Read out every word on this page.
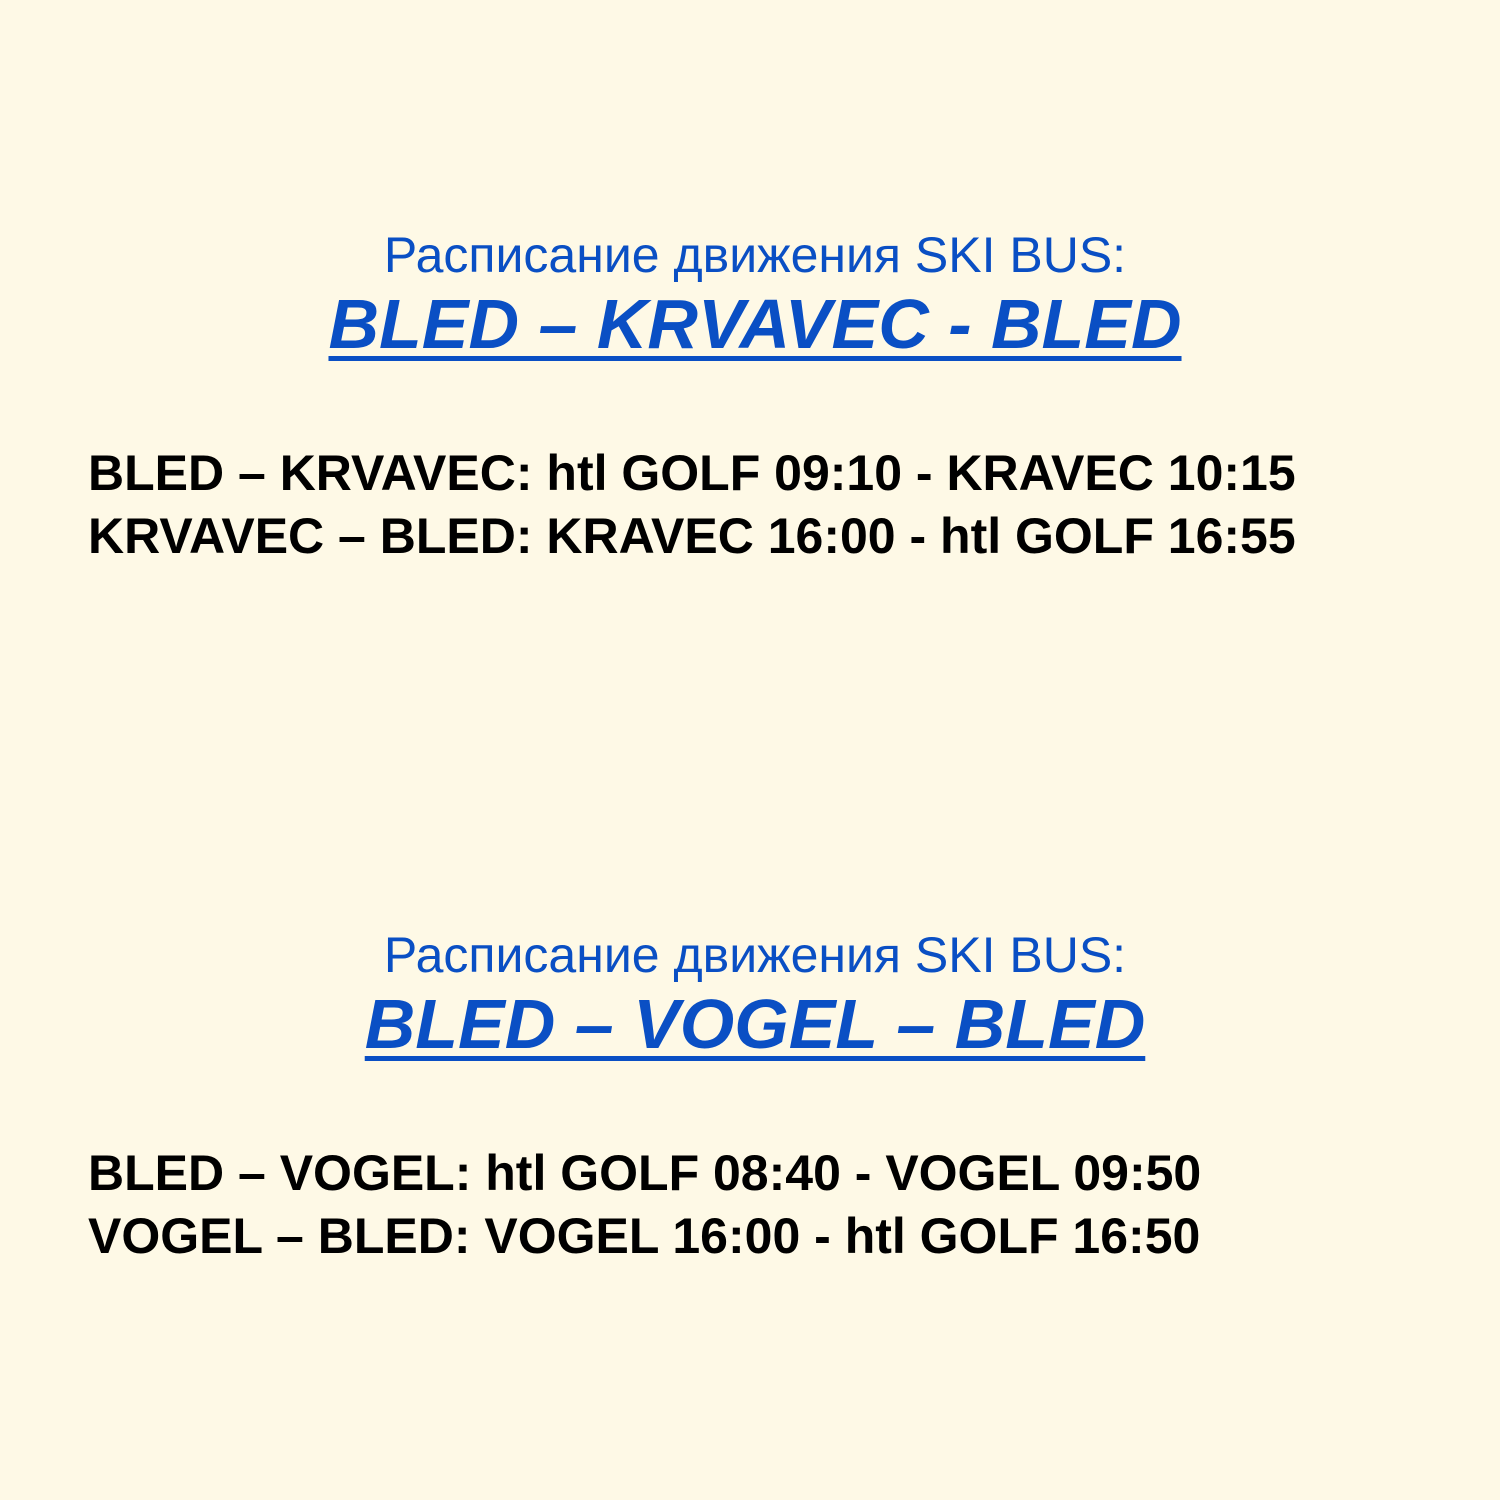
Расписание движения SKI BUS:
BLED – KRVAVEC - BLED
BLED – KRVAVEC: htl GOLF 09:10 - KRAVEC 10:15
KRVAVEC – BLED: KRAVEC 16:00 - htl GOLF 16:55
Расписание движения SKI BUS:
BLED – VOGEL – BLED
BLED – VOGEL: htl GOLF 08:40 - VOGEL 09:50
VOGEL – BLED: VOGEL 16:00 - htl GOLF 16:50
